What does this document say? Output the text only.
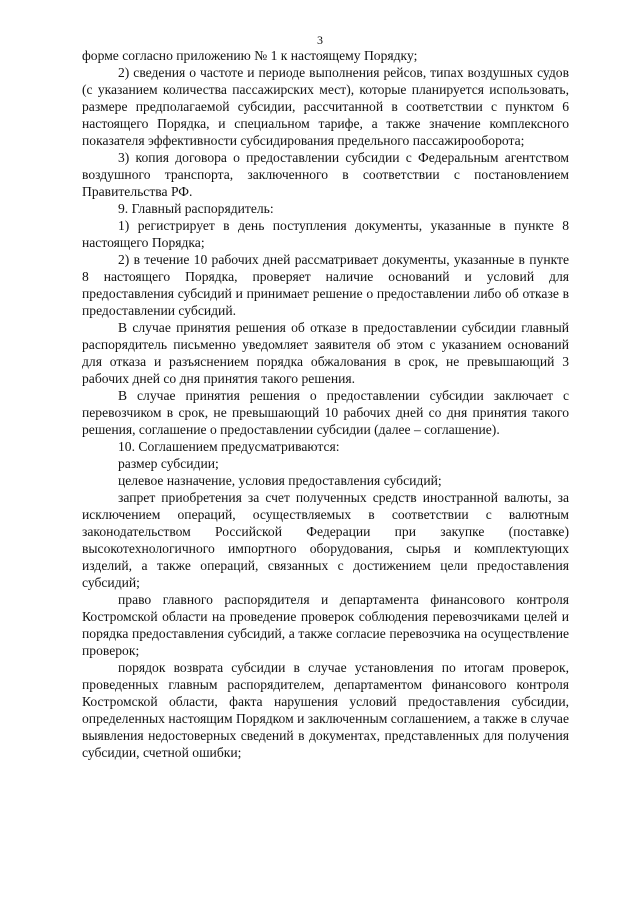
3

форме согласно приложению № 1 к настоящему Порядку;

2) сведения о частоте и периоде выполнения рейсов, типах воздушных судов (с указанием количества пассажирских мест), которые планируется использовать, размере предполагаемой субсидии, рассчитанной в соответствии с пунктом 6 настоящего Порядка, и специальном тарифе, а также значение комплексного показателя эффективности субсидирования предельного пассажирооборота;

3) копия договора о предоставлении субсидии с Федеральным агентством воздушного транспорта, заключенного в соответствии с постановлением Правительства РФ.

9. Главный распорядитель:

1) регистрирует в день поступления документы, указанные в пункте 8 настоящего Порядка;

2) в течение 10 рабочих дней рассматривает документы, указанные в пункте 8 настоящего Порядка, проверяет наличие оснований и условий для предоставления субсидий и принимает решение о предоставлении либо об отказе в предоставлении субсидий.

В случае принятия решения об отказе в предоставлении субсидии главный распорядитель письменно уведомляет заявителя об этом с указанием оснований для отказа и разъяснением порядка обжалования в срок, не превышающий 3 рабочих дней со дня принятия такого решения.

В случае принятия решения о предоставлении субсидии заключает с перевозчиком в срок, не превышающий 10 рабочих дней со дня принятия такого решения, соглашение о предоставлении субсидии (далее – соглашение).

10. Соглашением предусматриваются:

размер субсидии;

целевое назначение, условия предоставления субсидий;

запрет приобретения за счет полученных средств иностранной валюты, за исключением операций, осуществляемых в соответствии с валютным законодательством Российской Федерации при закупке (поставке) высокотехнологичного импортного оборудования, сырья и комплектующих изделий, а также операций, связанных с достижением цели предоставления субсидий;

право главного распорядителя и департамента финансового контроля Костромской области на проведение проверок соблюдения перевозчиками целей и порядка предоставления субсидий, а также согласие перевозчика на осуществление проверок;

порядок возврата субсидии в случае установления по итогам проверок, проведенных главным распорядителем, департаментом финансового контроля Костромской области, факта нарушения условий предоставления субсидии, определенных настоящим Порядком и заключенным соглашением, а также в случае выявления недостоверных сведений в документах, представленных для получения субсидии, счетной ошибки;
